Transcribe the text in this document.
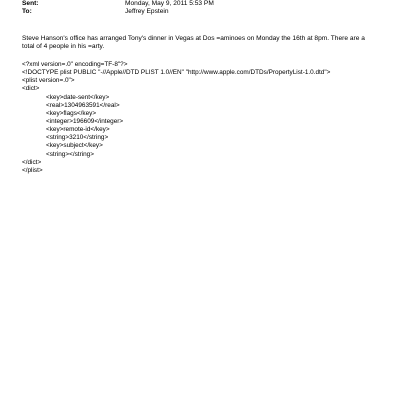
Sent:	Monday, May 9, 2011 5:53 PM
To:	Jeffrey Epstein
Steve Hanson's office has arranged Tony's dinner in Vegas at Dos =aminoes on Monday the 16th at 8pm. There are a total of 4 people in his =arty.
<?xml version=.0" encoding=TF-8"?>
<!DOCTYPE plist PUBLIC "-//Apple//DTD PLIST 1.0//EN" "http://www.apple.com/DTDs/PropertyList-1.0.dtd">
<plist version=.0">
<dict>
<key>date-sent</key>
<real>1304963591</real>
<key>flags</key>
<integer>196609</integer>
<key>remote-id</key>
<string>3210</string>
<key>subject</key>
<string></string>
</dict>
</plist>
